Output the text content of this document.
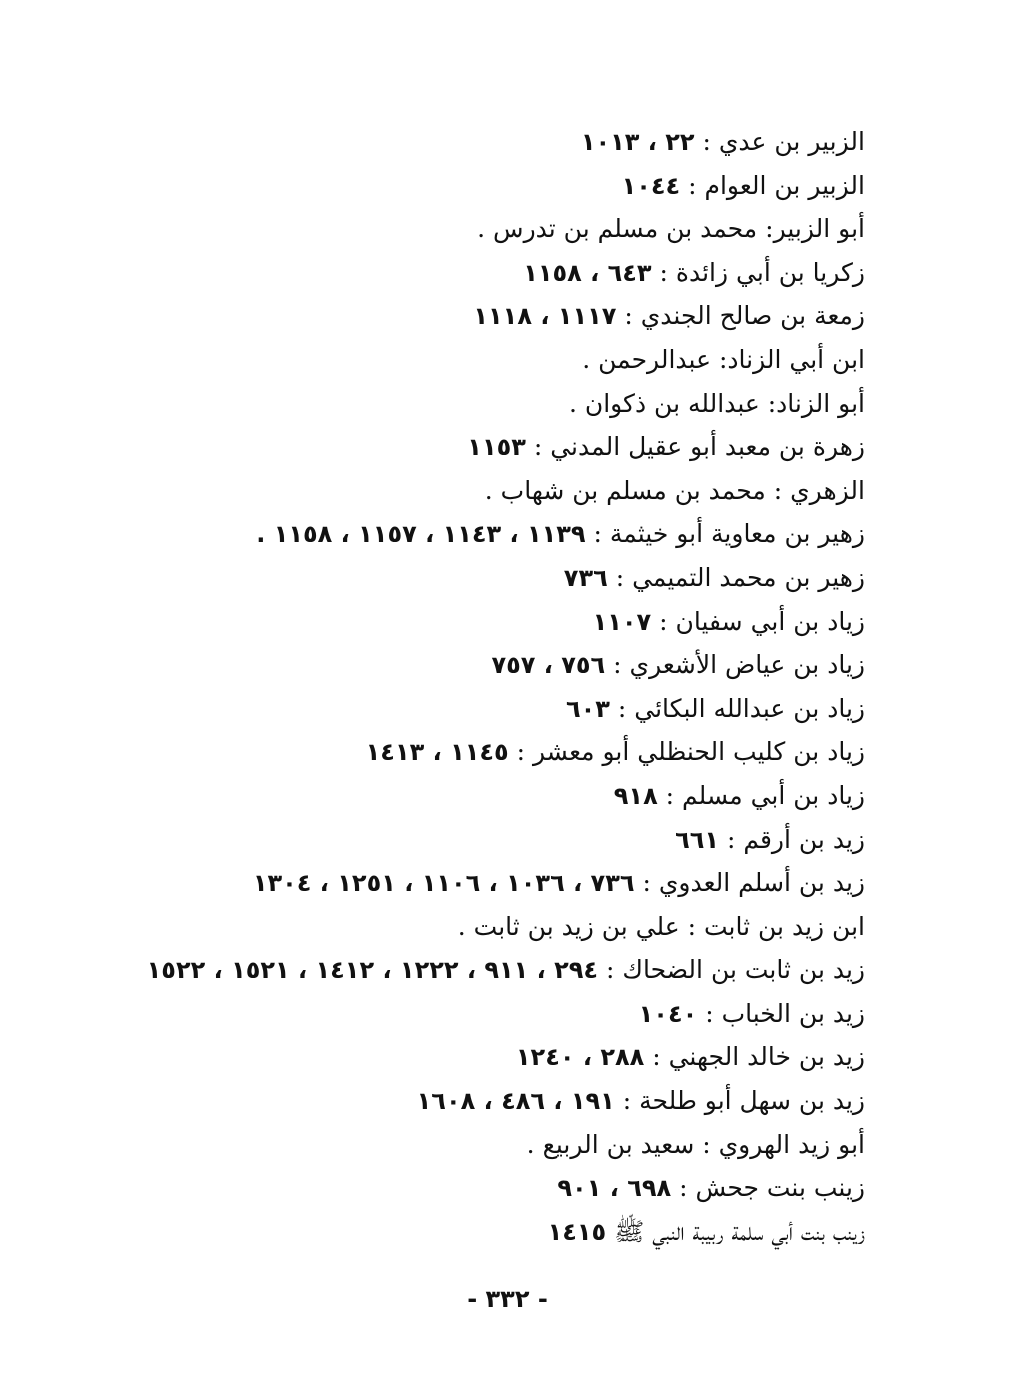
الزبير بن عدي : ٢٢ ، ١٠١٣
الزبير بن العوام : ١٠٤٤
أبو الزبير: محمد بن مسلم بن تدرس .
زكريا بن أبي زائدة : ٦٤٣ ، ١١٥٨
زمعة بن صالح الجندي : ١١١٧ ، ١١١٨
ابن أبي الزناد: عبدالرحمن .
أبو الزناد: عبدالله بن ذكوان .
زهرة بن معبد أبو عقيل المدني : ١١٥٣
الزهري : محمد بن مسلم بن شهاب .
زهير بن معاوية أبو خيثمة : ١١٣٩ ، ١١٤٣ ، ١١٥٧ ، ١١٥٨ .
زهير بن محمد التميمي : ٧٣٦
زياد بن أبي سفيان : ١١٠٧
زياد بن عياض الأشعري : ٧٥٦ ، ٧٥٧
زياد بن عبدالله البكائي : ٦٠٣
زياد بن كليب الحنظلي أبو معشر : ١١٤٥ ، ١٤١٣
زياد بن أبي مسلم : ٩١٨
زيد بن أرقم : ٦٦١
زيد بن أسلم العدوي : ٧٣٦ ، ١٠٣٦ ، ١١٠٦ ، ١٢٥١ ، ١٣٠٤
ابن زيد بن ثابت : علي بن زيد بن ثابت .
زيد بن ثابت بن الضحاك : ٢٩٤ ، ٩١١ ، ١٢٢٢ ، ١٤١٢ ، ١٥٢١ ، ١٥٢٢
زيد بن الخباب : ١٠٤٠
زيد بن خالد الجهني : ٢٨٨ ، ١٢٤٠
زيد بن سهل أبو طلحة : ١٩١ ، ٤٨٦ ، ١٦٠٨
أبو زيد الهروي : سعيد بن الربيع .
زينب بنت جحش : ٦٩٨ ، ٩٠١
زينب بنت أبي سلمة ربيبة النبي ﷺ ١٤١٥
- ٣٣٢ -
